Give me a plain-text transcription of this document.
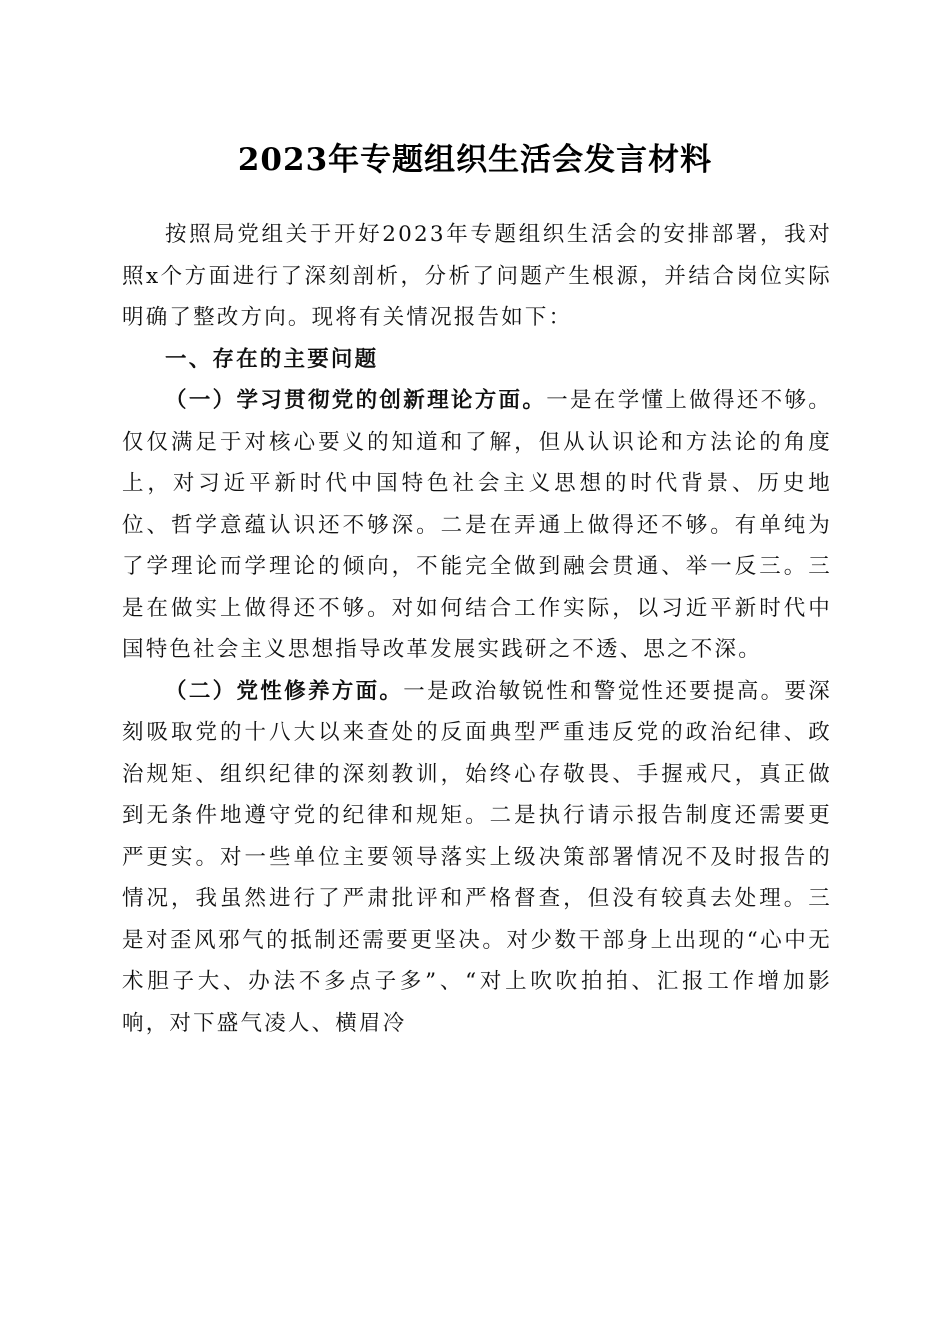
2023年专题组织生活会发言材料

按照局党组关于开好2023年专题组织生活会的安排部署，我对照x个方面进行了深刻剖析，分析了问题产生根源，并结合岗位实际明确了整改方向。现将有关情况报告如下：

一、存在的主要问题

（一）学习贯彻党的创新理论方面。一是在学懂上做得还不够。仅仅满足于对核心要义的知道和了解，但从认识论和方法论的角度上，对习近平新时代中国特色社会主义思想的时代背景、历史地位、哲学意蕴认识还不够深。二是在弄通上做得还不够。有单纯为了学理论而学理论的倾向，不能完全做到融会贯通、举一反三。三是在做实上做得还不够。对如何结合工作实际，以习近平新时代中国特色社会主义思想指导改革发展实践研之不透、思之不深。

（二）党性修养方面。一是政治敏锐性和警觉性还要提高。要深刻吸取党的十八大以来查处的反面典型严重违反党的政治纪律、政治规矩、组织纪律的深刻教训，始终心存敬畏、手握戒尺，真正做到无条件地遵守党的纪律和规矩。二是执行请示报告制度还需要更严更实。对一些单位主要领导落实上级决策部署情况不及时报告的情况，我虽然进行了严肃批评和严格督查，但没有较真去处理。三是对歪风邪气的抵制还需要更坚决。对少数干部身上出现的“心中无术胆子大、办法不多点子多”、“对上吹吹拍拍、汇报工作增加影响，对下盛气凌人、横眉冷
